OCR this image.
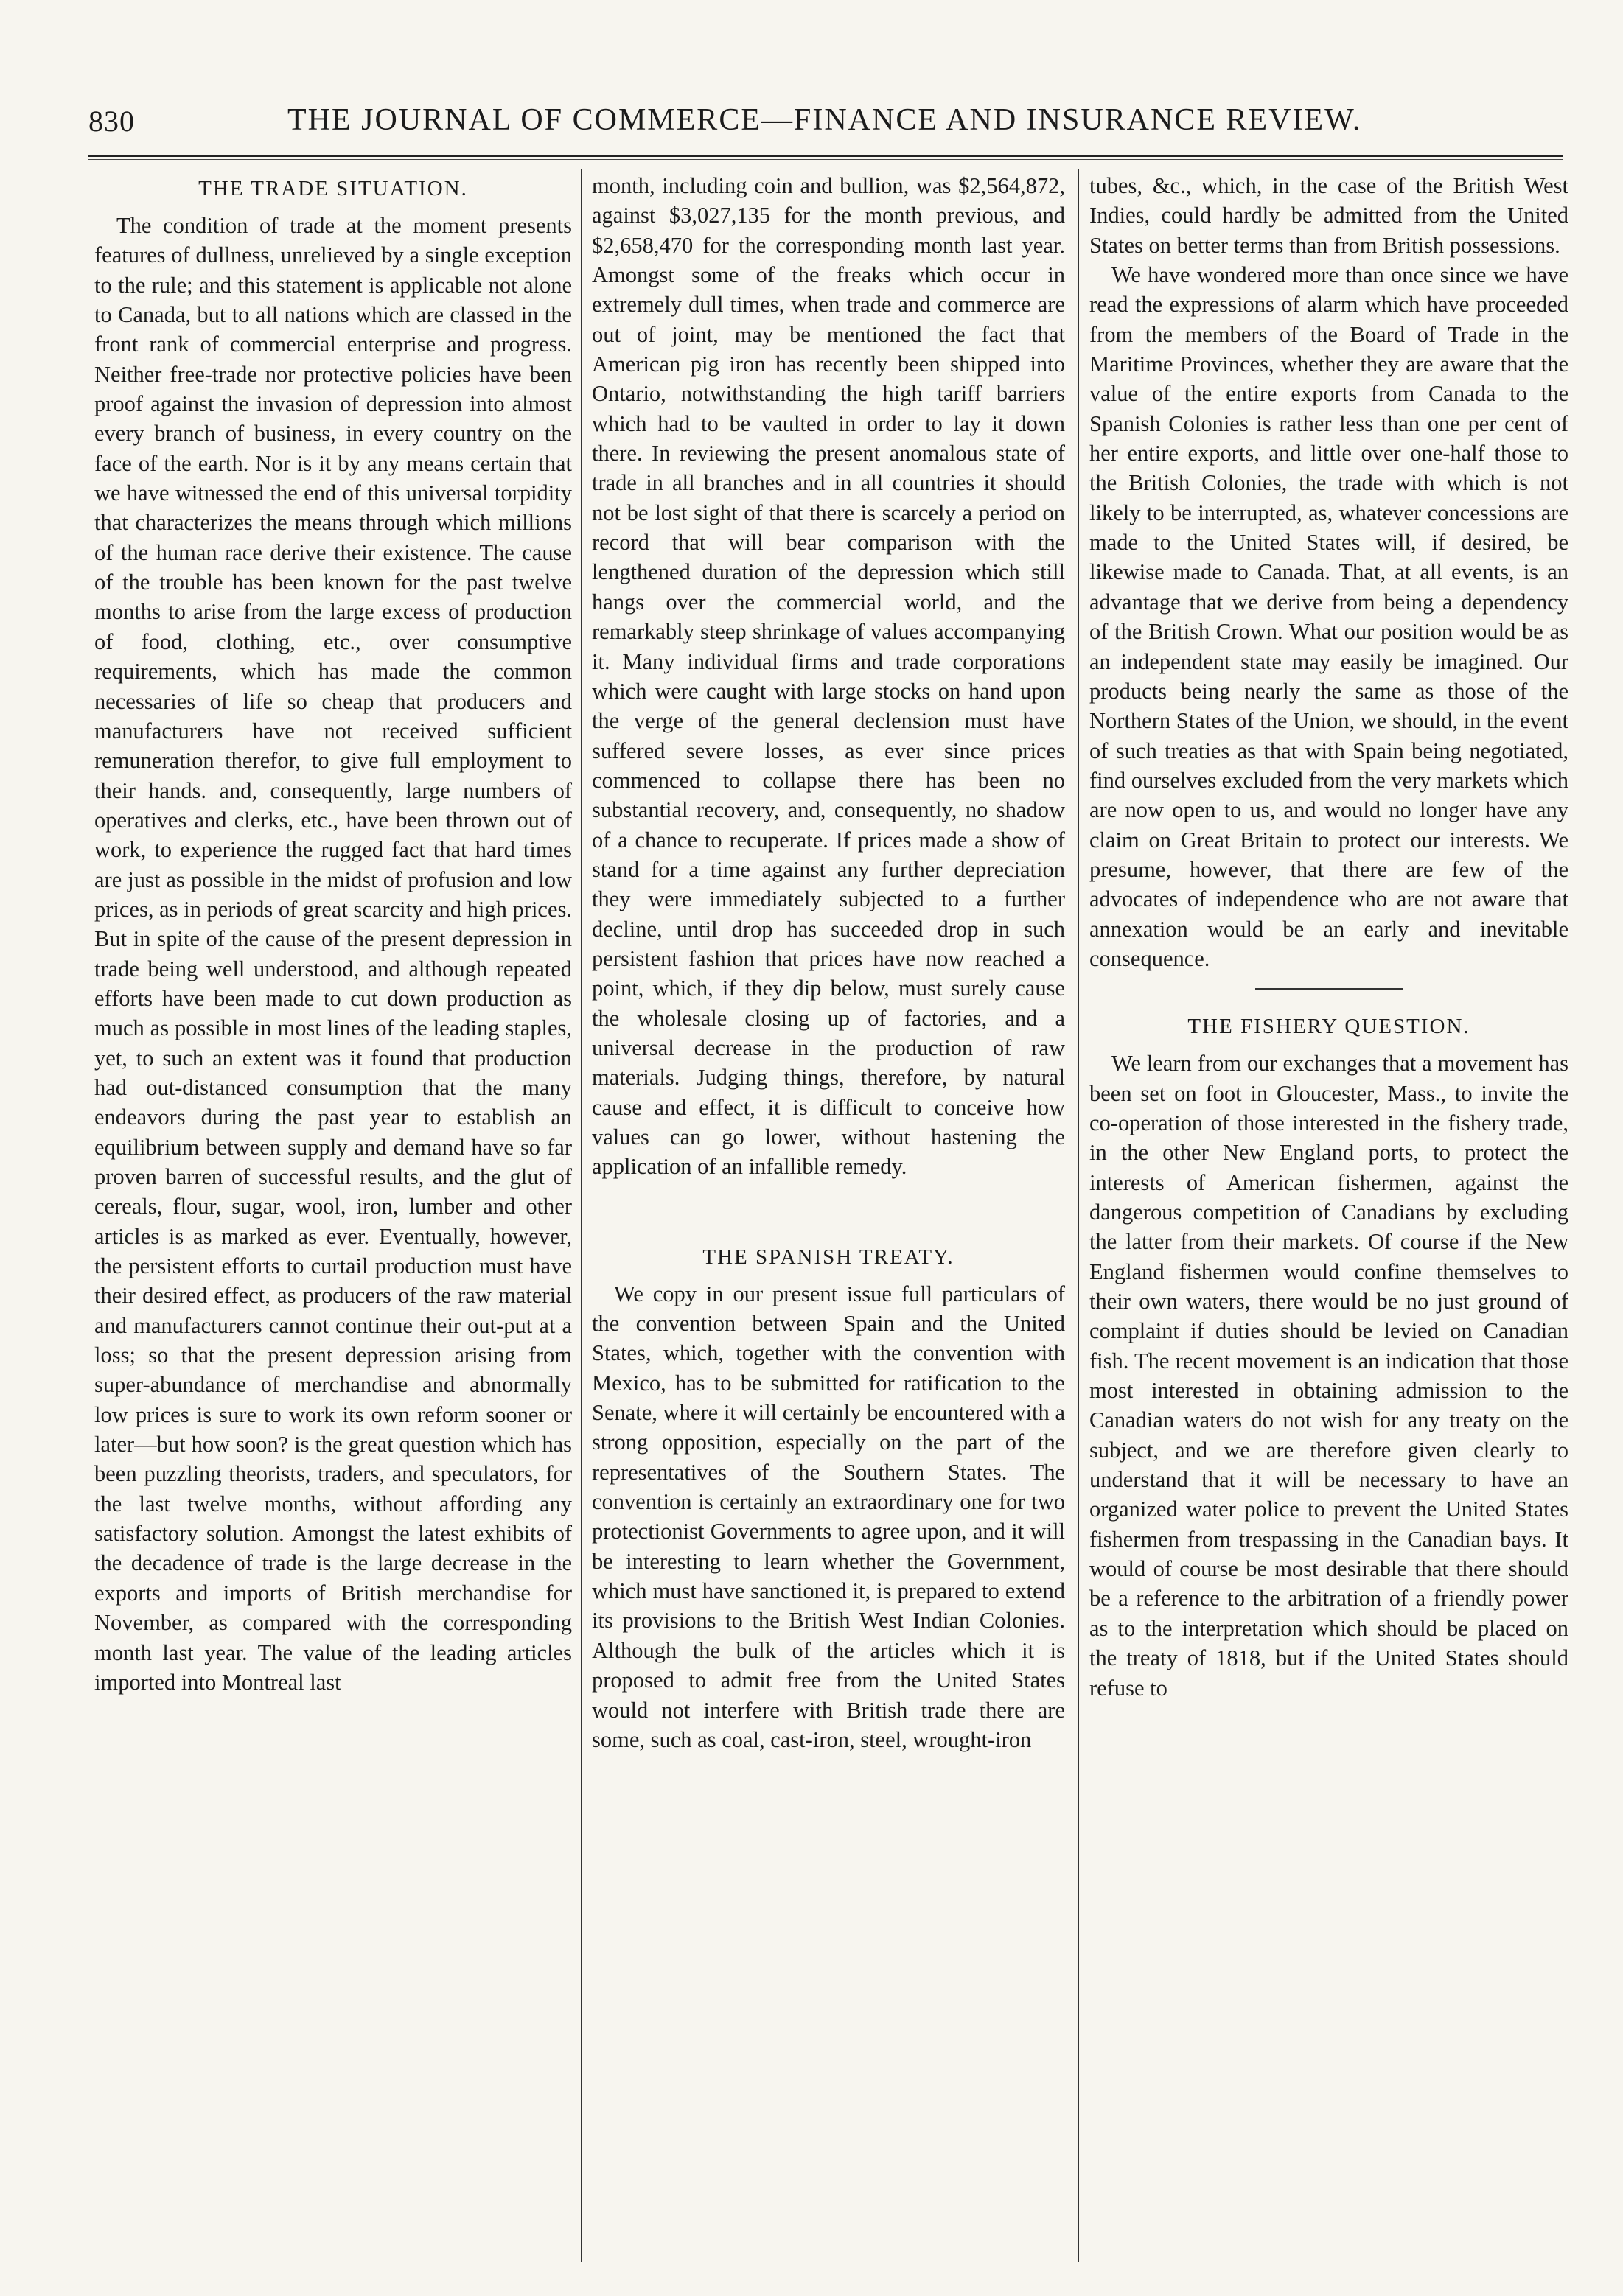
830	THE JOURNAL OF COMMERCE—FINANCE AND INSURANCE REVIEW.
THE TRADE SITUATION.

The condition of trade at the moment presents features of dullness, unrelieved by a single exception to the rule; and this statement is applicable not alone to Canada, but to all nations which are classed in the front rank of commercial enterprise and progress. Neither free-trade nor protective policies have been proof against the invasion of depression into almost every branch of business, in every country on the face of the earth. Nor is it by any means certain that we have witnessed the end of this universal torpidity that characterizes the means through which millions of the human race derive their existence. The cause of the trouble has been known for the past twelve months to arise from the large excess of production of food, clothing, etc., over consumptive requirements, which has made the common necessaries of life so cheap that producers and manufacturers have not received sufficient remuneration therefor, to give full employment to their hands. and, consequently, large numbers of operatives and clerks, etc., have been thrown out of work, to experience the rugged fact that hard times are just as possible in the midst of profusion and low prices, as in periods of great scarcity and high prices. But in spite of the cause of the present depression in trade being well understood, and although repeated efforts have been made to cut down production as much as possible in most lines of the leading staples, yet, to such an extent was it found that production had out-distanced consumption that the many endeavors during the past year to establish an equilibrium between supply and demand have so far proven barren of successful results, and the glut of cereals, flour, sugar, wool, iron, lumber and other articles is as marked as ever. Eventually, however, the persistent efforts to curtail production must have their desired effect, as producers of the raw material and manufacturers cannot continue their out-put at a loss; so that the present depression arising from super-abundance of merchandise and abnormally low prices is sure to work its own reform sooner or later—but how soon? is the great question which has been puzzling theorists, traders, and speculators, for the last twelve months, without affording any satisfactory solution. Amongst the latest exhibits of the decadence of trade is the large decrease in the exports and imports of British merchandise for November, as compared with the corresponding month last year. The value of the leading articles imported into Montreal last

month, including coin and bullion, was $2,564,872, against $3,027,135 for the month previous, and $2,658,470 for the corresponding month last year. Amongst some of the freaks which occur in extremely dull times, when trade and commerce are out of joint, may be mentioned the fact that American pig iron has recently been shipped into Ontario, notwithstanding the high tariff barriers which had to be vaulted in order to lay it down there. In reviewing the present anomalous state of trade in all branches and in all countries it should not be lost sight of that there is scarcely a period on record that will bear comparison with the lengthened duration of the depression which still hangs over the commercial world, and the remarkably steep shrinkage of values accompanying it. Many individual firms and trade corporations which were caught with large stocks on hand upon the verge of the general declension must have suffered severe losses, as ever since prices commenced to collapse there has been no substantial recovery, and, consequently, no shadow of a chance to recuperate. If prices made a show of stand for a time against any further depreciation they were immediately subjected to a further decline, until drop has succeeded drop in such persistent fashion that prices have now reached a point, which, if they dip below, must surely cause the wholesale closing up of factories, and a universal decrease in the production of raw materials. Judging things, therefore, by natural cause and effect, it is difficult to conceive how values can go lower, without hastening the application of an infallible remedy.

THE SPANISH TREATY.

We copy in our present issue full particulars of the convention between Spain and the United States, which, together with the convention with Mexico, has to be submitted for ratification to the Senate, where it will certainly be encountered with a strong opposition, especially on the part of the representatives of the Southern States. The convention is certainly an extraordinary one for two protectionist Governments to agree upon, and it will be interesting to learn whether the Government, which must have sanctioned it, is prepared to extend its provisions to the British West Indian Colonies. Although the bulk of the articles which it is proposed to admit free from the United States would not interfere with British trade there are some, such as coal, cast-iron, steel, wrought-iron

tubes, &c., which, in the case of the British West Indies, could hardly be admitted from the United States on better terms than from British possessions.

We have wondered more than once since we have read the expressions of alarm which have proceeded from the members of the Board of Trade in the Maritime Provinces, whether they are aware that the value of the entire exports from Canada to the Spanish Colonies is rather less than one per cent of her entire exports, and little over one-half those to the British Colonies, the trade with which is not likely to be interrupted, as, whatever concessions are made to the United States will, if desired, be likewise made to Canada. That, at all events, is an advantage that we derive from being a dependency of the British Crown. What our position would be as an independent state may easily be imagined. Our products being nearly the same as those of the Northern States of the Union, we should, in the event of such treaties as that with Spain being negotiated, find ourselves excluded from the very markets which are now open to us, and would no longer have any claim on Great Britain to protect our interests. We presume, however, that there are few of the advocates of independence who are not aware that annexation would be an early and inevitable consequence.

THE FISHERY QUESTION.

We learn from our exchanges that a movement has been set on foot in Gloucester, Mass., to invite the co-operation of those interested in the fishery trade, in the other New England ports, to protect the interests of American fishermen, against the dangerous competition of Canadians by excluding the latter from their markets. Of course if the New England fishermen would confine themselves to their own waters, there would be no just ground of complaint if duties should be levied on Canadian fish. The recent movement is an indication that those most interested in obtaining admission to the Canadian waters do not wish for any treaty on the subject, and we are therefore given clearly to understand that it will be necessary to have an organized water police to prevent the United States fishermen from trespassing in the Canadian bays. It would of course be most desirable that there should be a reference to the arbitration of a friendly power as to the interpretation which should be placed on the treaty of 1818, but if the United States should refuse to
